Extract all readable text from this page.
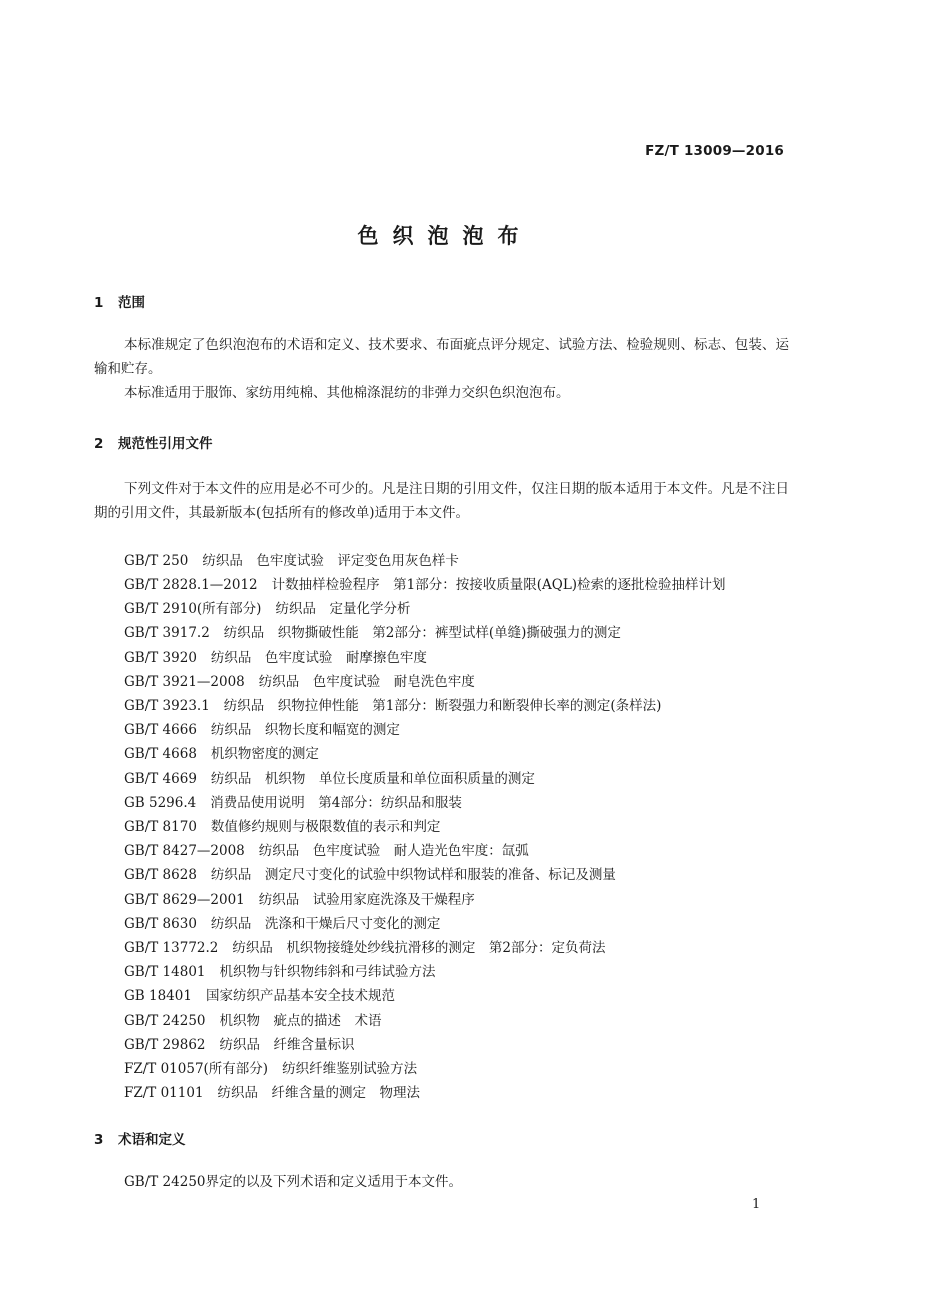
FZ/T 13009—2016
色织泡泡布
1 范围

本标准规定了色织泡泡布的术语和定义、技术要求、布面疵点评分规定、试验方法、检验规则、标志、包装、运输和贮存。

本标准适用于服饰、家纺用纯棉、其他棉涤混纺的非弹力交织色织泡泡布。

2 规范性引用文件

下列文件对于本文件的应用是必不可少的。凡是注日期的引用文件，仅注日期的版本适用于本文件。凡是不注日期的引用文件，其最新版本(包括所有的修改单)适用于本文件。

GB/T 250 纺织品　色牢度试验　评定变色用灰色样卡
GB/T 2828.1—2012 计数抽样检验程序　第1部分：按接收质量限(AQL)检索的逐批检验抽样计划
GB/T 2910(所有部分) 纺织品　定量化学分析
GB/T 3917.2 纺织品　织物撕破性能　第2部分：裤型试样(单缝)撕破强力的测定
GB/T 3920 纺织品　色牢度试验　耐摩擦色牢度
GB/T 3921—2008 纺织品　色牢度试验　耐皂洗色牢度
GB/T 3923.1 纺织品　织物拉伸性能　第1部分：断裂强力和断裂伸长率的测定(条样法)
GB/T 4666 纺织品　织物长度和幅宽的测定
GB/T 4668 机织物密度的测定
GB/T 4669 纺织品　机织物　单位长度质量和单位面积质量的测定
GB 5296.4 消费品使用说明　第4部分：纺织品和服装
GB/T 8170 数值修约规则与极限数值的表示和判定
GB/T 8427—2008 纺织品　色牢度试验　耐人造光色牢度：氙弧
GB/T 8628 纺织品　测定尺寸变化的试验中织物试样和服装的准备、标记及测量
GB/T 8629—2001 纺织品　试验用家庭洗涤及干燥程序
GB/T 8630 纺织品　洗涤和干燥后尺寸变化的测定
GB/T 13772.2 纺织品　机织物接缝处纱线抗滑移的测定　第2部分：定负荷法
GB/T 14801 机织物与针织物纬斜和弓纬试验方法
GB 18401 国家纺织产品基本安全技术规范
GB/T 24250 机织物　疵点的描述　术语
GB/T 29862 纺织品　纤维含量标识
FZ/T 01057(所有部分) 纺织纤维鉴别试验方法
FZ/T 01101 纺织品　纤维含量的测定　物理法
3 术语和定义

GB/T 24250界定的以及下列术语和定义适用于本文件。

1
